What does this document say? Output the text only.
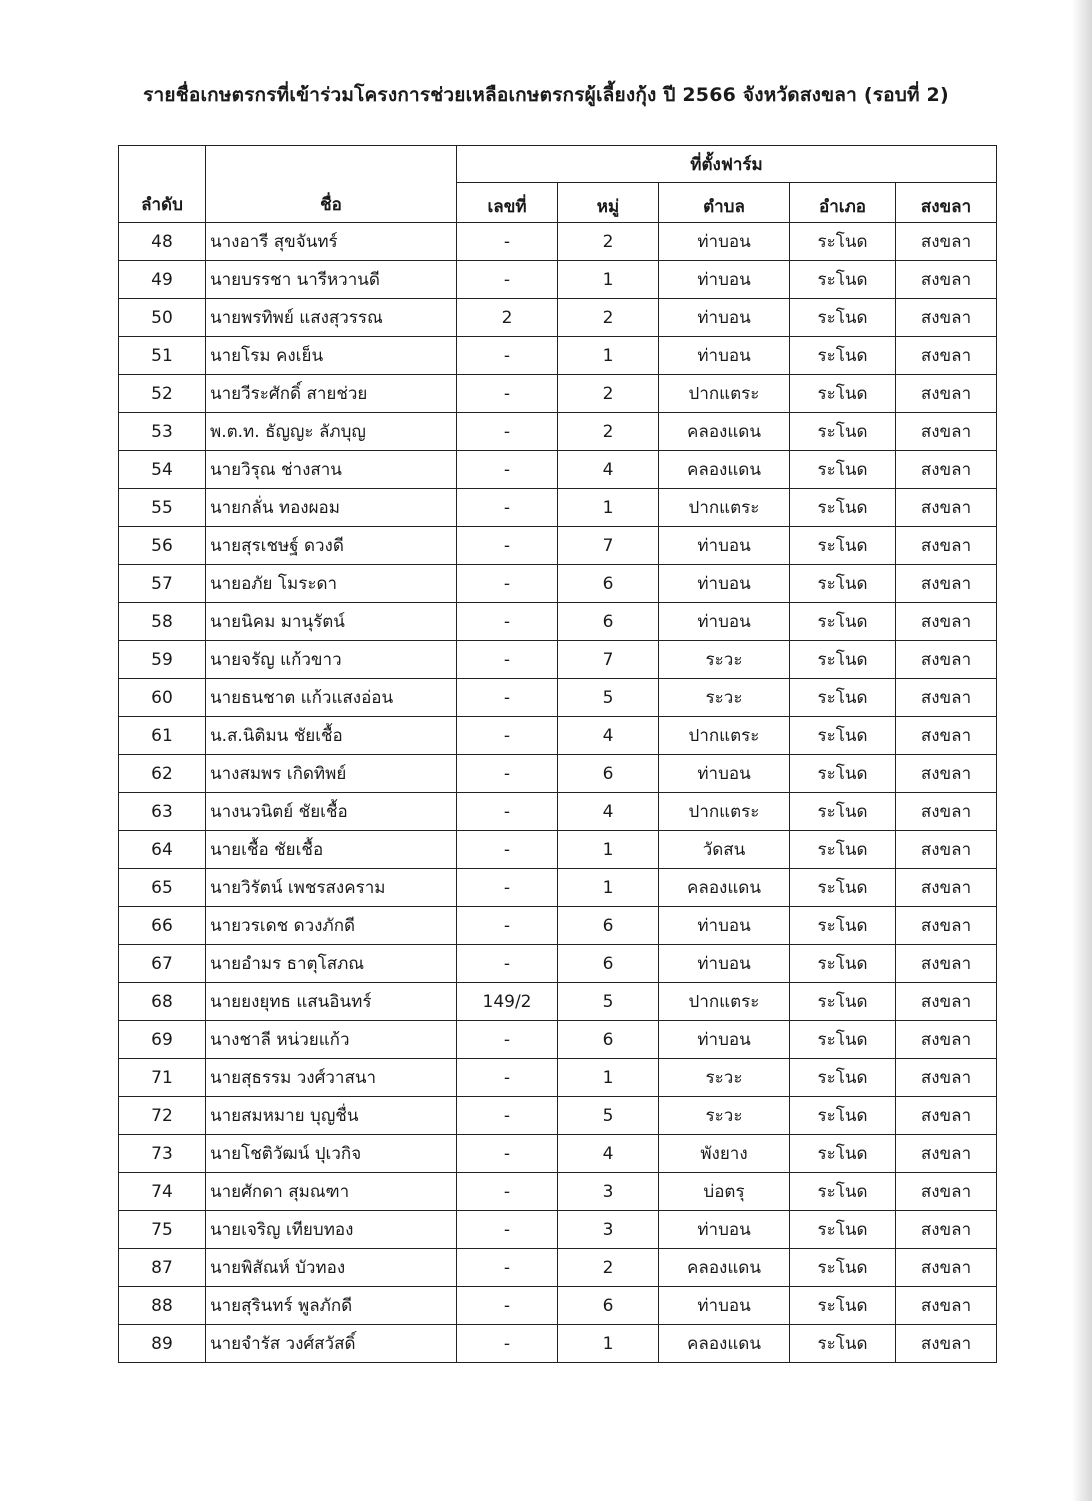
รายชื่อเกษตรกรที่เข้าร่วมโครงการช่วยเหลือเกษตรกรผู้เลี้ยงกุ้ง ปี 2566 จังหวัดสงขลา (รอบที่ 2)
ลำดับ	ชื่อ	ที่ตั้งฟาร์ม				
		เลขที่	หมู่	ตำบล	อำเภอ	สงขลา
48	นางอารี สุขจันทร์	-	2	ท่าบอน	ระโนด	สงขลา
49	นายบรรชา นารีหวานดี	-	1	ท่าบอน	ระโนด	สงขลา
50	นายพรทิพย์ แสงสุวรรณ	2	2	ท่าบอน	ระโนด	สงขลา
51	นายโรม คงเย็น	-	1	ท่าบอน	ระโนด	สงขลา
52	นายวีระศักดิ์ สายช่วย	-	2	ปากแตระ	ระโนด	สงขลา
53	พ.ต.ท. ธัญญะ ลัภบุญ	-	2	คลองแดน	ระโนด	สงขลา
54	นายวิรุณ ช่างสาน	-	4	คลองแดน	ระโนด	สงขลา
55	นายกลั่น ทองผอม	-	1	ปากแตระ	ระโนด	สงขลา
56	นายสุรเชษฐ์ ดวงดี	-	7	ท่าบอน	ระโนด	สงขลา
57	นายอภัย โมระดา	-	6	ท่าบอน	ระโนด	สงขลา
58	นายนิคม มานุรัตน์	-	6	ท่าบอน	ระโนด	สงขลา
59	นายจรัญ แก้วขาว	-	7	ระวะ	ระโนด	สงขลา
60	นายธนชาต แก้วแสงอ่อน	-	5	ระวะ	ระโนด	สงขลา
61	น.ส.นิติมน ชัยเชื้อ	-	4	ปากแตระ	ระโนด	สงขลา
62	นางสมพร เกิดทิพย์	-	6	ท่าบอน	ระโนด	สงขลา
63	นางนวนิตย์ ชัยเชื้อ	-	4	ปากแตระ	ระโนด	สงขลา
64	นายเชื้อ ชัยเชื้อ	-	1	วัดสน	ระโนด	สงขลา
65	นายวิรัตน์ เพชรสงคราม	-	1	คลองแดน	ระโนด	สงขลา
66	นายวรเดช ดวงภักดี	-	6	ท่าบอน	ระโนด	สงขลา
67	นายอำมร ธาตุโสภณ	-	6	ท่าบอน	ระโนด	สงขลา
68	นายยงยุทธ แสนอินทร์	149/2	5	ปากแตระ	ระโนด	สงขลา
69	นางชาลี หน่วยแก้ว	-	6	ท่าบอน	ระโนด	สงขลา
71	นายสุธรรม วงศ์วาสนา	-	1	ระวะ	ระโนด	สงขลา
72	นายสมหมาย บุญชื่น	-	5	ระวะ	ระโนด	สงขลา
73	นายโชติวัฒน์ ปุเวกิจ	-	4	พังยาง	ระโนด	สงขลา
74	นายศักดา สุมณฑา	-	3	บ่อตรุ	ระโนด	สงขลา
75	นายเจริญ เทียบทอง	-	3	ท่าบอน	ระโนด	สงขลา
87	นายพิสัณห์ บัวทอง	-	2	คลองแดน	ระโนด	สงขลา
88	นายสุรินทร์ พูลภักดี	-	6	ท่าบอน	ระโนด	สงขลา
89	นายจำรัส วงศ์สวัสดิ์	-	1	คลองแดน	ระโนด	สงขลา
